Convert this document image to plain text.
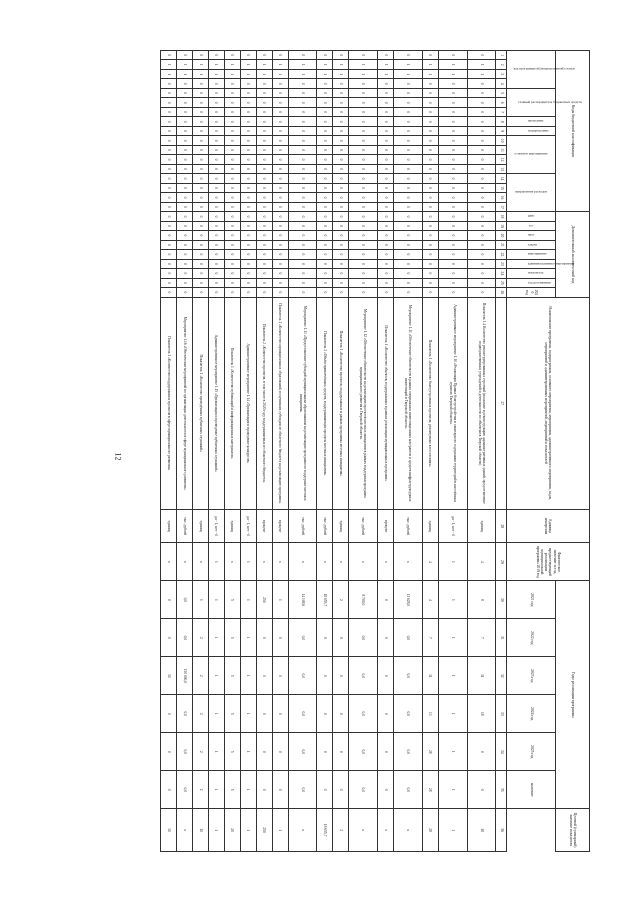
12
Коды бюджетной классификации																	Дополнительный аналитический код									Наименование программы, подпрограммы, основного мероприятия, мероприятия, административного мероприятия, задач, мероприятий и административных мероприятий, мероприятий и показателей	Единица измерения	Фактическое значение за год, предшествующий реализации муниципальной программы 2019 год	Годы реализации программы						Целевой (суммарный) значение показателя

код программной (непрограммной) статьи				главный распорядитель бюджетных средств			программа	подпрограмма	основное мероприятие				направление расходов				рдис	гос	прог	задача	мероприятие	административное мероприятие	показатель	год достижения	2020 год				2021 год	2022 год	2023 год	2024 год	2025 год	значение	
1	2	3	4	5	6	7	8	9	10	11	12	13	14	15	16	17	18	19	20	21	22	23	24	25	26	27	28	29	30	31	32	33	34	35	36
0	1	1	0	0	0	0	0	0	0	0	0	0	0	0	0	0	0	0	0	0	0	0	0	0	0	Показатель 1.4 Количество реконструированных строений (вложение в реконструкцию административных зданий, предоставление подведомственных учреждений и деятельности по объектам в Тверской области)	единиц	4	8	7	11	18	0	0	18
0	1	1	0	0	0	0	0	0	0	0	0	0	0	0	0	0	0	0	0	0	0	0	0	0	0	Административное мероприятие 1.10 «Реализация Правил благоустройства и санитарного содержания территорий в населённых пунктах Тверской области»	да - 1, нет - 0	1	1	1	1	1	1	1	1
0	1	1	0	0	0	0	0	0	0	0	0	0	0	0	0	0	0	0	0	0	0	0	0	0	0	Показатель 1 «Количество благоустроенных проектов, реализуемых в поселениях»	единиц	4	4	7	11	13	28	28	28
0	1	1	0	0	0	0	0	0	0	0	0	0	0	0	0	0	0	0	0	0	0	0	0	0	0	Мероприятие 1.11 «Обеспечение обязательств в рамках специальных инвестиционных контрактов и средств инфраструктурных инвестиций в Тверской области»	тыс. рублей	х	11 628,0	0,0	0,0	0,0	0,0	0,0	х
0	1	1	0	0	0	0	0	0	0	0	0	0	0	0	0	0	0	0	0	0	0	0	0	0	0	Показатель 1 «Количество объектов, поддержанных в рамках реализации муниципальных программ»	процент	х	0	0	0	0	0	0	х
0	1	1	0	0	0	0	0	0	0	0	0	0	0	0	0	0	0	0	0	0	0	0	0	0	0	Мероприятие 1.12 «Обеспечение обязательств на реализацию проектов местных инициатив в рамках поддержки программ муниципального развития в Тверской области»	тыс. рублей	х	8 700,0	0,0	0,0	0,0	0,0	0,0	х
0	1	1	0	0	0	0	0	0	0	0	0	0	0	0	0	0	0	0	0	0	0	0	0	0	0	Показатель 1 «Количество проектов, поддержанных в рамках программы местных инициатив»	единиц	х	2	0	0	0	0	0	2
0	1	1	0	0	0	0	0	0	0	0	0	0	0	0	0	0	0	0	0	0	0	0	0	0	0	Показатель 2 «Объём привлечённых средств, поддерживающих проекты местных инициатив»	тыс. рублей	х	18 655,7	0	0	0	0	0	18 655,7
0	1	1	0	0	0	0	0	0	0	0	0	0	0	0	0	0	0	0	0	0	0	0	0	0	0	Мероприятие 1.13 «Предоставление субсидий муниципальным образованиям на реализацию программ по поддержке местных инициатив»	тыс. рублей	х	14 108,6	0,0	0,0	0,0	0,0	0,0	х
0	1	1	0	0	0	0	0	0	0	0	0	0	0	0	0	0	0	0	0	0	0	0	0	0	0	Показатель 1 «Количество муниципальных образований, получивших субсидии из областного бюджета на реализацию программ»	процент	х	1	0	0	0	0	0	1
0	1	1	0	0	0	0	0	0	0	0	0	0	0	0	0	0	0	0	0	0	0	0	0	0	0	Показатель 2 «Количество проектов, в том числе в 2020 году поддерживаемых из областного бюджета»	процент	х	250	0	0	0	0	0	250
0	1	1	0	0	0	0	0	0	0	0	0	0	0	0	0	0	0	0	0	0	0	0	0	0	0	Административное мероприятие 1.14 «Организация и проведение конкурсов»	да - 1, нет - 0	1	1	1	1	1	1	1	1
0	1	1	0	0	0	0	0	0	0	0	0	0	0	0	0	0	0	0	0	0	0	0	0	0	0	Показатель 1 «Количество публикаций и информационных материалов»	единиц	х	5	5	5	5	5	5	20
0	1	1	0	0	0	0	0	0	0	0	0	0	0	0	0	0	0	0	0	0	0	0	0	0	0	Административное мероприятие 1.15 «Организация и проведение публичных слушаний»	да - 1, нет - 0	1	1	1	1	1	1	1	1
0	1	1	0	0	0	0	0	0	0	0	0	0	0	0	0	0	0	0	0	0	0	0	0	0	0	Показатель 1 «Количество проведённых публичных слушаний»	единиц	х	1	2	2	2	2	2	10
0	1	1	0	0	0	0	0	0	0	0	0	0	0	0	0	0	0	0	0	0	0	0	0	0	0	Мероприятие 1.16 «Обеспечение мероприятий по организации деятельности в сфере муниципального развития»	тыс. рублей	х	0,0	0,0	130 000,0	0,0	0,0	0,0	х
0	1	1	0	0	0	0	0	0	0	0	0	0	0	0	0	0	0	0	0	0	0	0	0	0	0	Показатель 1 «Количество поддержанных проектов в сфере муниципального развития»	единиц	х	0	0	30	0	0	0	30
